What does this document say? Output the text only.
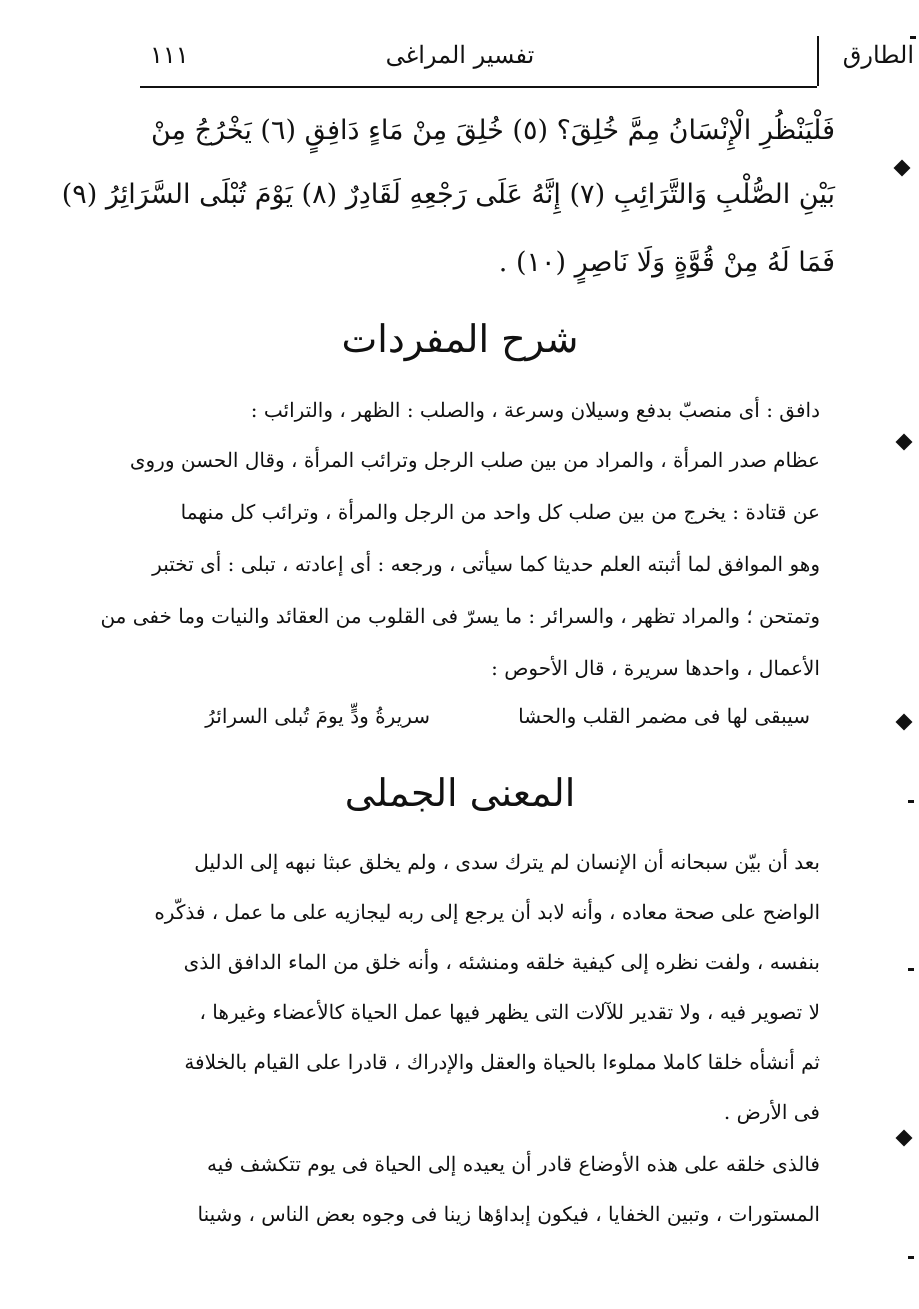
الطارق
تفسير المراغى
١١١
فَلْيَنْظُرِ الْإِنْسَانُ مِمَّ خُلِقَ؟ (٥) خُلِقَ مِنْ مَاءٍ دَافِقٍ (٦) يَخْرُجُ مِنْ
بَيْنِ الصُّلْبِ وَالتَّرَائِبِ (٧) إِنَّهُ عَلَى رَجْعِهِ لَقَادِرٌ (٨) يَوْمَ تُبْلَى السَّرَائِرُ (٩)
فَمَا لَهُ مِنْ قُوَّةٍ وَلَا نَاصِرٍ (١٠) .
شرح المفردات
دافق : أى منصبّ بدفع وسيلان وسرعة ، والصلب : الظهر ، والترائب :
عظام صدر المرأة ، والمراد من بين صلب الرجل وترائب المرأة ، وقال الحسن وروى
عن قتادة : يخرج من بين صلب كل واحد من الرجل والمرأة ، وترائب كل منهما
وهو الموافق لما أثبته العلم حديثا كما سيأتى ، ورجعه : أى إعادته ، تبلى : أى تختبر
وتمتحن ؛ والمراد تظهر ، والسرائر : ما يسرّ فى القلوب من العقائد والنيات وما خفى من
الأعمال ، واحدها سريرة ، قال الأحوص :
سريرةُ ودٍّ يومَ تُبلى السرائرُ	سيبقى لها فى مضمر القلب والحشا
المعنى الجملى
بعد أن بيّن سبحانه أن الإنسان لم يترك سدى ، ولم يخلق عبثا نبهه إلى الدليل
الواضح على صحة معاده ، وأنه لابد أن يرجع إلى ربه ليجازيه على ما عمل ، فذكّره
بنفسه ، ولفت نظره إلى كيفية خلقه ومنشئه ، وأنه خلق من الماء الدافق الذى
لا تصوير فيه ، ولا تقدير للآلات التى يظهر فيها عمل الحياة كالأعضاء وغيرها ،
ثم أنشأه خلقا كاملا مملوءا بالحياة والعقل والإدراك ، قادرا على القيام بالخلافة
فى الأرض .
فالذى خلقه على هذه الأوضاع قادر أن يعيده إلى الحياة فى يوم تتكشف فيه
المستورات ، وتبين الخفايا ، فيكون إبداؤها زينا فى وجوه بعض الناس ، وشينا
